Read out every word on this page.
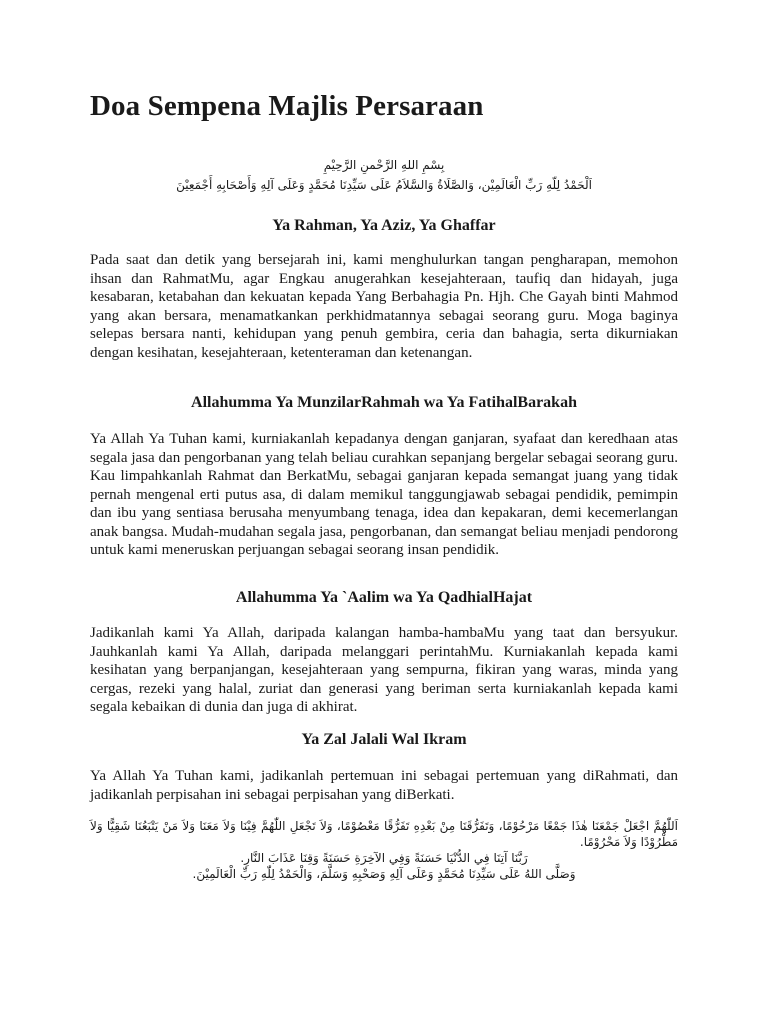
Doa Sempena Majlis Persaraan

بِسْمِ اللهِ الرَّحْمنِ الرَّحِيْمِ

اَلْحَمْدُ لِلّهِ رَبِّ الْعَالَمِيْن، وَالصَّلَاةُ وَالسَّلاَمُ عَلَى سَيِّدِنَا مُحَمَّدٍ وَعَلَى آلِهِ وَأَصْحَابِهِ أَجْمَعِيْنَ

Ya Rahman, Ya Aziz, Ya Ghaffar

Pada saat dan detik yang bersejarah ini, kami menghulurkan tangan pengharapan, memohon ihsan dan RahmatMu, agar Engkau anugerahkan kesejahteraan, taufiq dan hidayah, juga kesabaran, ketabahan dan kekuatan kepada Yang Berbahagia Pn. Hjh. Che Gayah binti Mahmod yang akan bersara, menamatkankan perkhidmatannya sebagai seorang guru. Moga baginya selepas bersara nanti, kehidupan yang penuh gembira, ceria dan bahagia, serta dikurniakan dengan kesihatan, kesejahteraan, ketenteraman dan ketenangan.

Allahumma Ya MunzilarRahmah wa Ya FatihalBarakah

Ya Allah Ya Tuhan kami, kurniakanlah kepadanya dengan ganjaran, syafaat dan keredhaan atas segala jasa dan pengorbanan yang telah beliau curahkan sepanjang bergelar sebagai seorang guru. Kau limpahkanlah Rahmat dan BerkatMu, sebagai ganjaran kepada semangat juang yang tidak pernah mengenal erti putus asa, di dalam memikul tanggungjawab sebagai pendidik, pemimpin dan ibu yang sentiasa berusaha menyumbang tenaga, idea dan kepakaran, demi kecemerlangan anak bangsa. Mudah-mudahan segala jasa, pengorbanan, dan semangat beliau menjadi pendorong untuk kami meneruskan perjuangan sebagai seorang insan pendidik.

Allahumma Ya `Aalim wa Ya QadhialHajat

Jadikanlah kami Ya Allah, daripada kalangan hamba-hambaMu yang taat dan bersyukur. Jauhkanlah kami Ya Allah, daripada melanggari perintahMu. Kurniakanlah kepada kami kesihatan yang berpanjangan, kesejahteraan yang sempurna, fikiran yang waras, minda yang cergas, rezeki yang halal, zuriat dan generasi yang beriman serta kurniakanlah kepada kami segala kebaikan di dunia dan juga di akhirat.

Ya Zal Jalali Wal Ikram

Ya Allah Ya Tuhan kami, jadikanlah pertemuan ini sebagai pertemuan yang diRahmati, dan jadikanlah perpisahan ini sebagai perpisahan yang diBerkati.

اَللّٰهُمَّ اجْعَلْ جَمْعَنَا هٰذَا جَمْعًا مَرْحُوْمًا، وَتَفَرُّقَنَا مِنْ بَعْدِهِ تَفَرُّقًا مَعْصُوْمًا، وَلاَ تَجْعَلِ اللّٰهُمَّ فِيْنَا وَلاَ مَعَنَا وَلاَ مَنْ يَتْبَعُنَا شَقِيًّا وَلاَ مَطْرُوْدًا وَلاَ مَحْرُوْمًا.
رَبَّنَا آتِنَا فِي الدُّنْيَا حَسَنَةً وَفِي الآخِرَةِ حَسَنَةً وَقِنَا عَذَابَ النَّارِ.
وَصَلَّى اللهُ عَلَى سَيِّدِنَا مُحَمَّدٍ وَعَلَى آلِهِ وَصَحْبِهِ وَسَلَّمَ، وَالْحَمْدُ لِلّٰهِ رَبِّ الْعَالَمِيْنَ.
